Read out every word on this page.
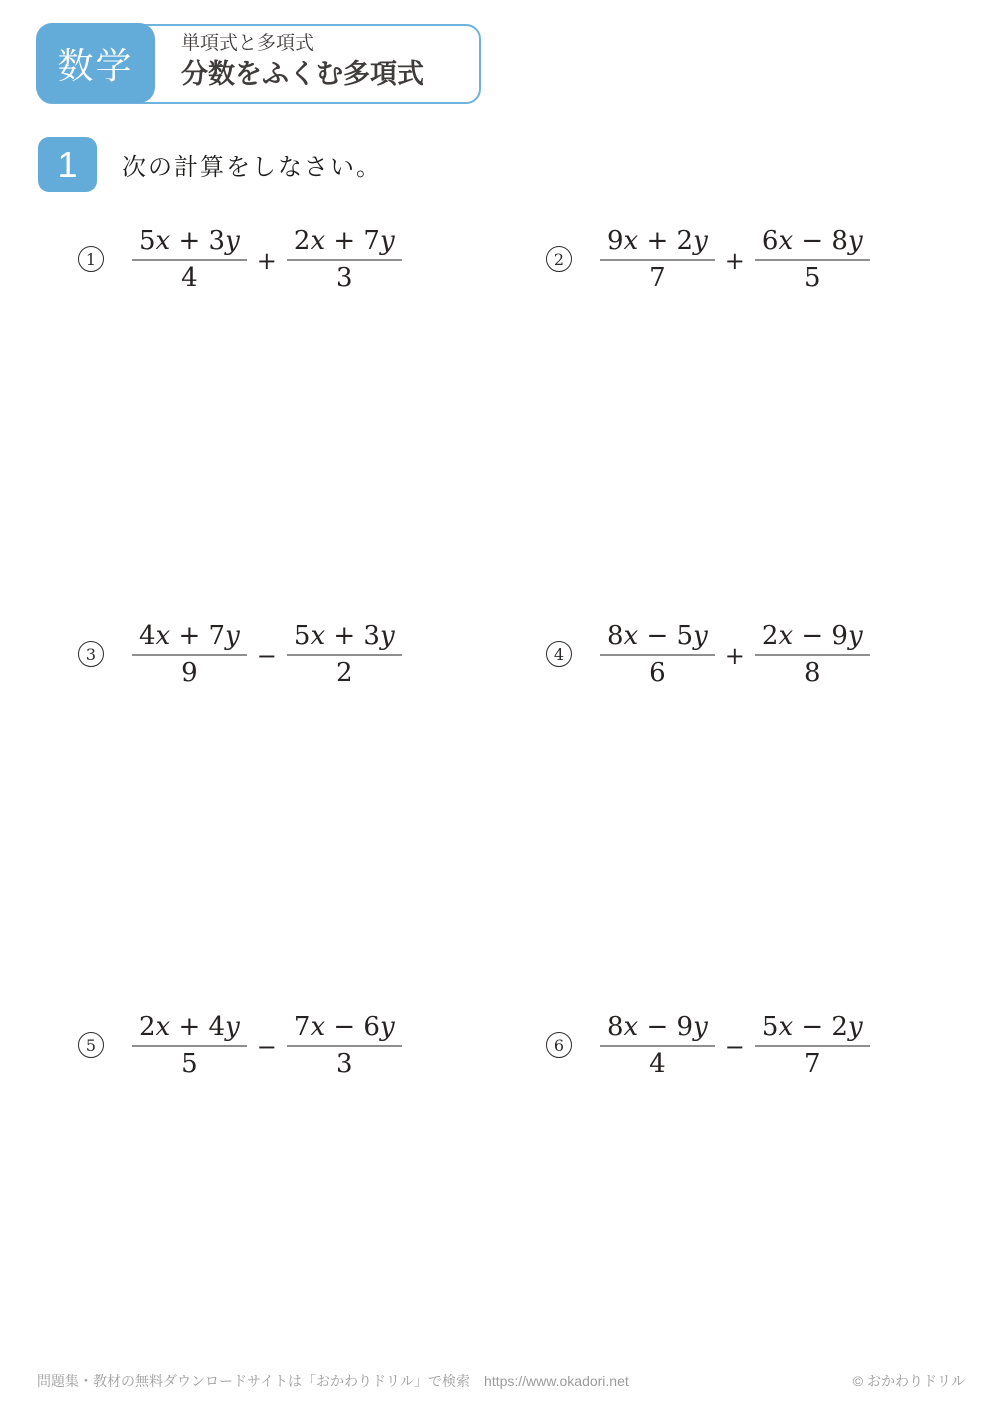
単項式と多項式
分数をふくむ多項式
数学
1	次の計算をしなさい。
1	$\frac{5x + 3y}{4} + \frac{2x + 7y}{3}$	2	$\frac{9x + 2y}{7} + \frac{6x - 8y}{5}$
3	$\frac{4x + 7y}{9} - \frac{5x + 3y}{2}$	4	$\frac{8x - 5y}{6} + \frac{2x - 9y}{8}$
5	$\frac{2x + 4y}{5} - \frac{7x - 6y}{3}$	6	$\frac{8x - 9y}{4} - \frac{5x - 2y}{7}$
問題集・教材の無料ダウンロードサイトは「おかわりドリル」で検索 https://www.okadori.net	© おかわりドリル
